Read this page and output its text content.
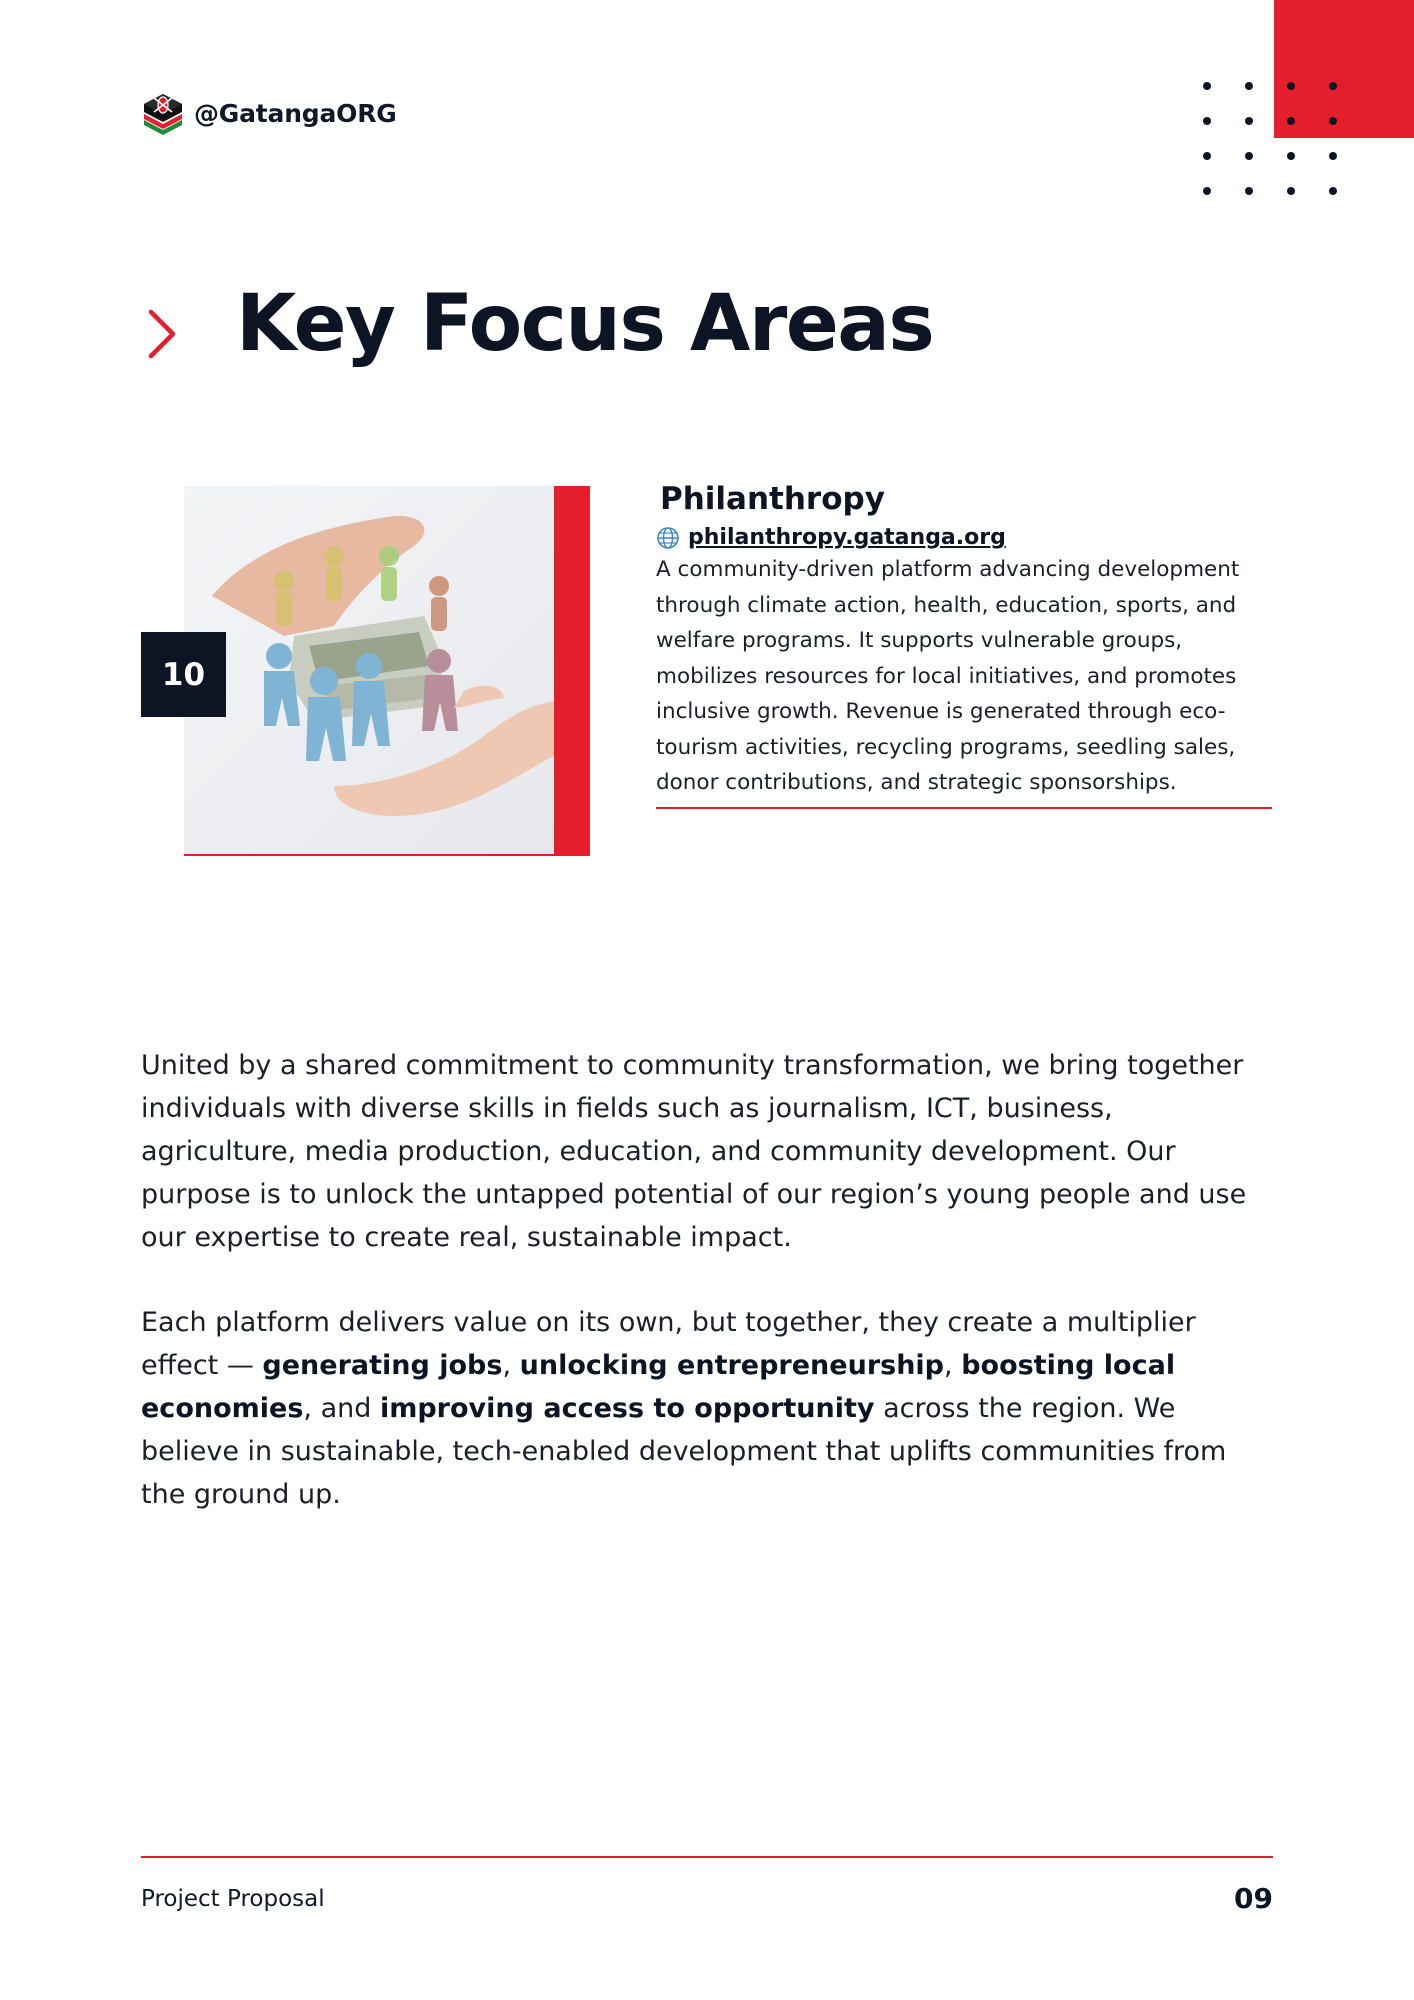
@GatangaORG
Key Focus Areas
10
Philanthropy
philanthropy.gatanga.org

A community-driven platform advancing development through climate action, health, education, sports, and welfare programs. It supports vulnerable groups, mobilizes resources for local initiatives, and promotes inclusive growth. Revenue is generated through eco-tourism activities, recycling programs, seedling sales, donor contributions, and strategic sponsorships.

United by a shared commitment to community transformation, we bring together individuals with diverse skills in fields such as journalism, ICT, business, agriculture, media production, education, and community development. Our purpose is to unlock the untapped potential of our region’s young people and use our expertise to create real, sustainable impact.

Each platform delivers value on its own, but together, they create a multiplier effect — generating jobs, unlocking entrepreneurship, boosting local economies, and improving access to opportunity across the region. We believe in sustainable, tech-enabled development that uplifts communities from the ground up.

Project Proposal	09
